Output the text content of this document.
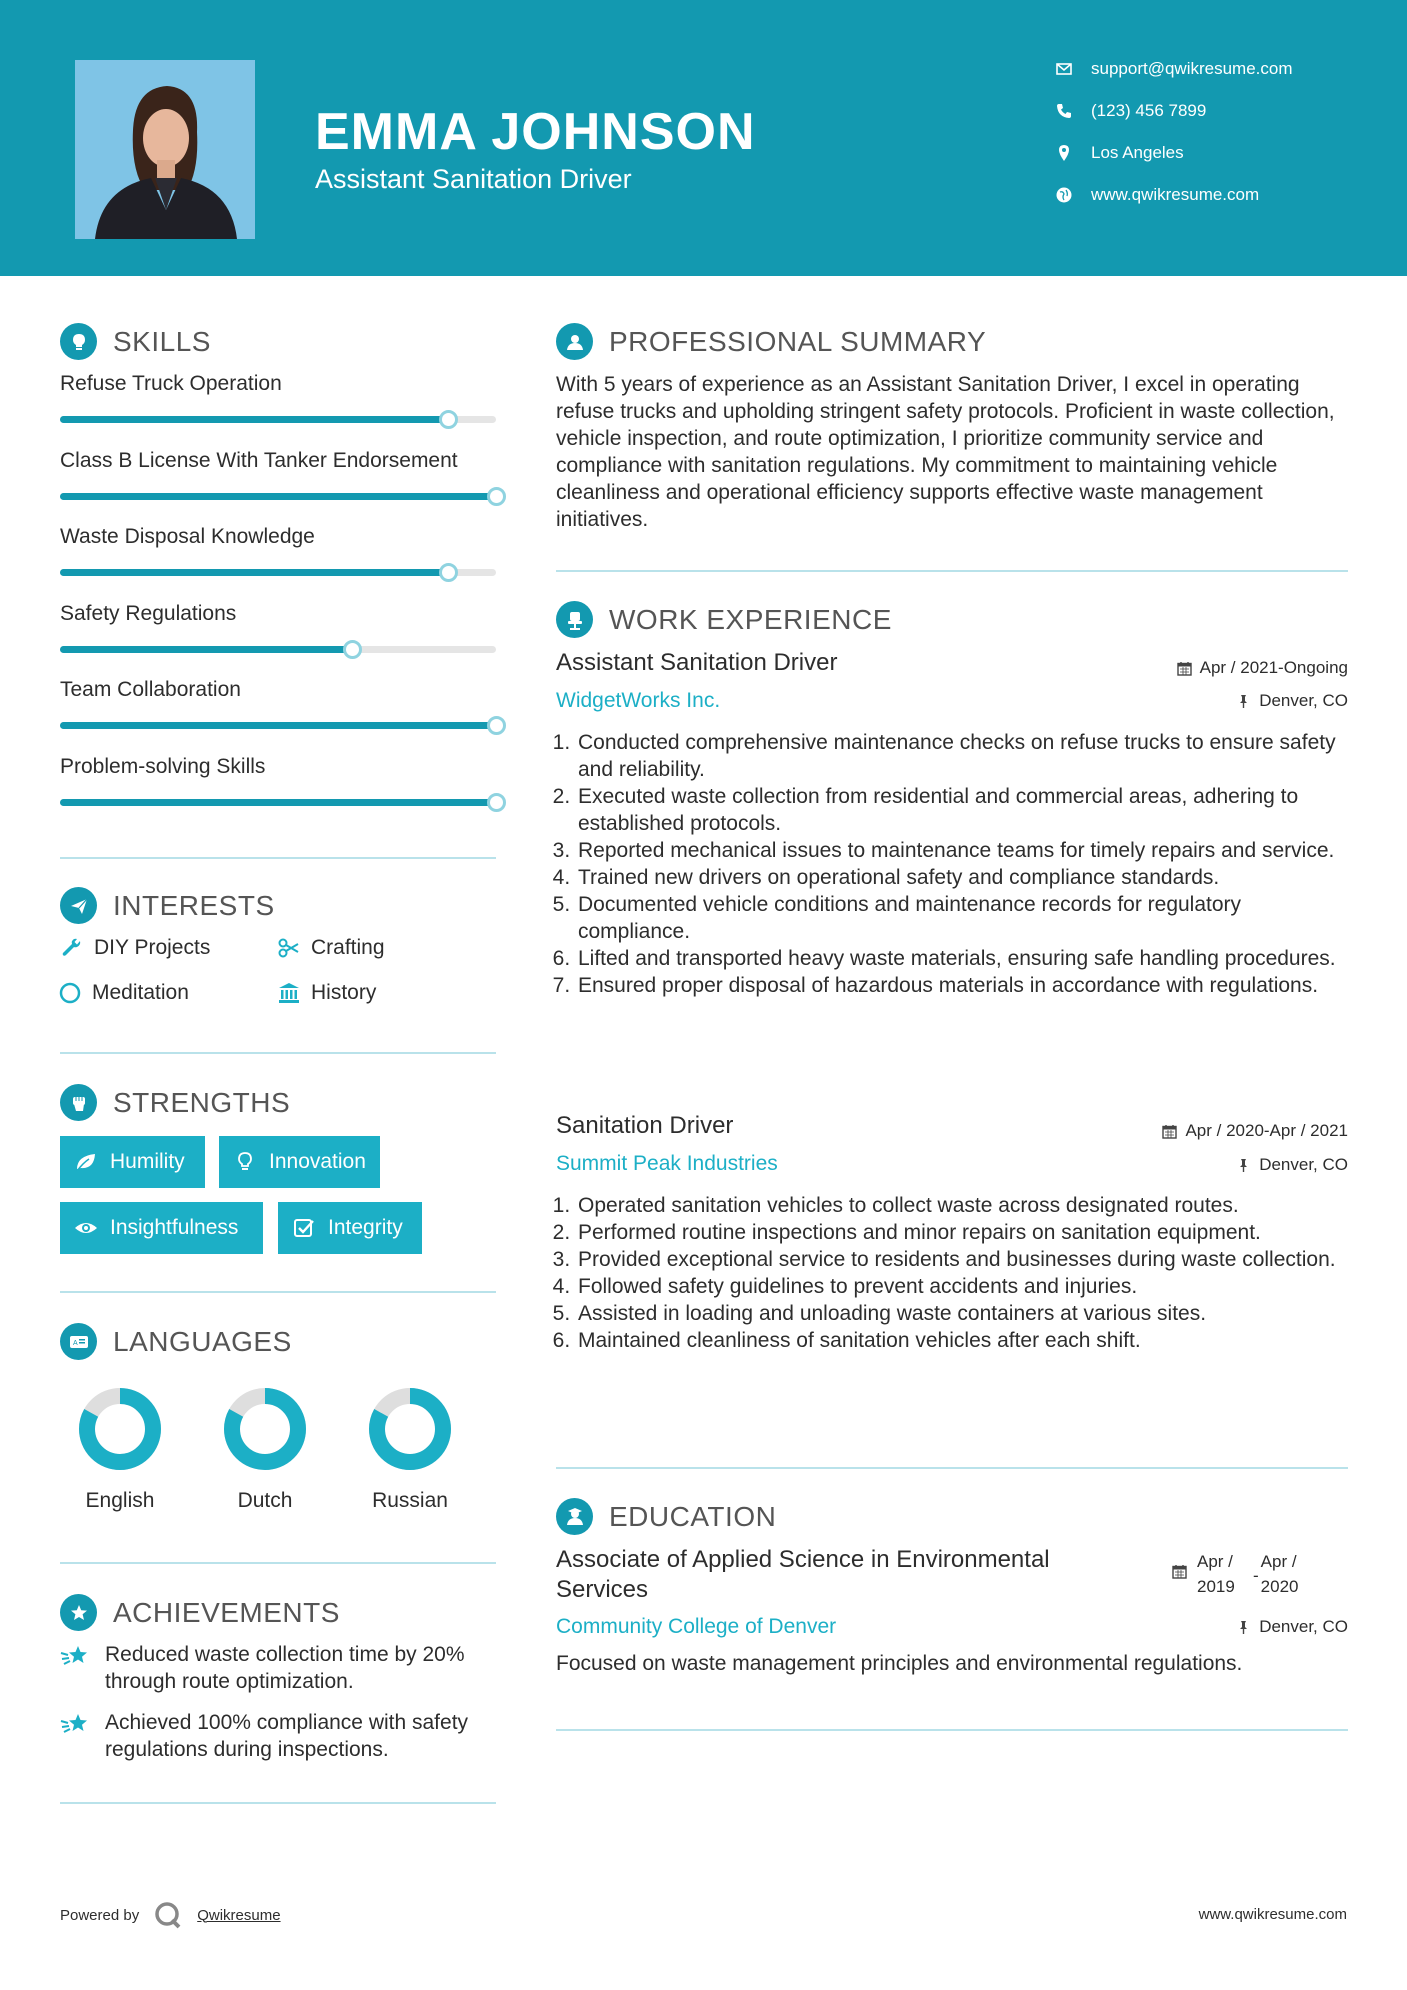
EMMA JOHNSON
Assistant Sanitation Driver
support@qwikresume.com
(123) 456 7899
Los Angeles
www.qwikresume.com
SKILLS
Refuse Truck Operation
Class B License With Tanker Endorsement
Waste Disposal Knowledge
Safety Regulations
Team Collaboration
Problem-solving Skills
INTERESTS
DIY Projects	Crafting
Meditation	History
STRENGTHS
Humility	Innovation
Insightfulness	Integrity
A LANGUAGES
English	Dutch	Russian
ACHIEVEMENTS
Reduced waste collection time by 20% through route optimization.
Achieved 100% compliance with safety regulations during inspections.
PROFESSIONAL SUMMARY
With 5 years of experience as an Assistant Sanitation Driver, I excel in operating refuse trucks and upholding stringent safety protocols. Proficient in waste collection, vehicle inspection, and route optimization, I prioritize community service and compliance with sanitation regulations. My commitment to maintaining vehicle cleanliness and operational efficiency supports effective waste management initiatives.
WORK EXPERIENCE
Assistant Sanitation Driver	Apr / 2021-Ongoing
WidgetWorks Inc.	Denver, CO
1. Conducted comprehensive maintenance checks on refuse trucks to ensure safety and reliability.
2. Executed waste collection from residential and commercial areas, adhering to established protocols.
3. Reported mechanical issues to maintenance teams for timely repairs and service.
4. Trained new drivers on operational safety and compliance standards.
5. Documented vehicle conditions and maintenance records for regulatory compliance.
6. Lifted and transported heavy waste materials, ensuring safe handling procedures.
7. Ensured proper disposal of hazardous materials in accordance with regulations.
Sanitation Driver	Apr / 2020-Apr / 2021
Summit Peak Industries	Denver, CO
1. Operated sanitation vehicles to collect waste across designated routes.
2. Performed routine inspections and minor repairs on sanitation equipment.
3. Provided exceptional service to residents and businesses during waste collection.
4. Followed safety guidelines to prevent accidents and injuries.
5. Assisted in loading and unloading waste containers at various sites.
6. Maintained cleanliness of sanitation vehicles after each shift.
EDUCATION
Associate of Applied Science in Environmental Services
Apr / 2019
-
Apr / 2020
Community College of Denver	Denver, CO
Focused on waste management principles and environmental regulations.
Powered by	Qwikresume	www.qwikresume.com
